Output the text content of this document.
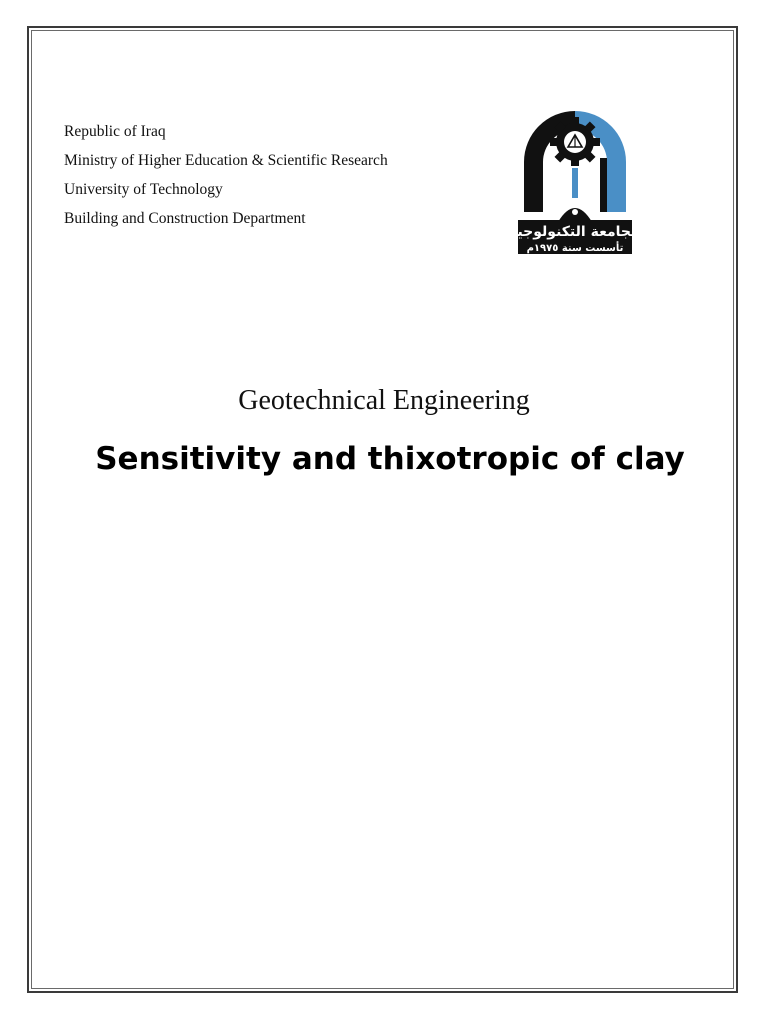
Republic of Iraq
Ministry of Higher Education & Scientific Research
University of Technology
Building and Construction Department
الجامعة التكنولوجية
تأسست سنة ١٩٧٥م
Geotechnical Engineering
Sensitivity and thixotropic of clay
